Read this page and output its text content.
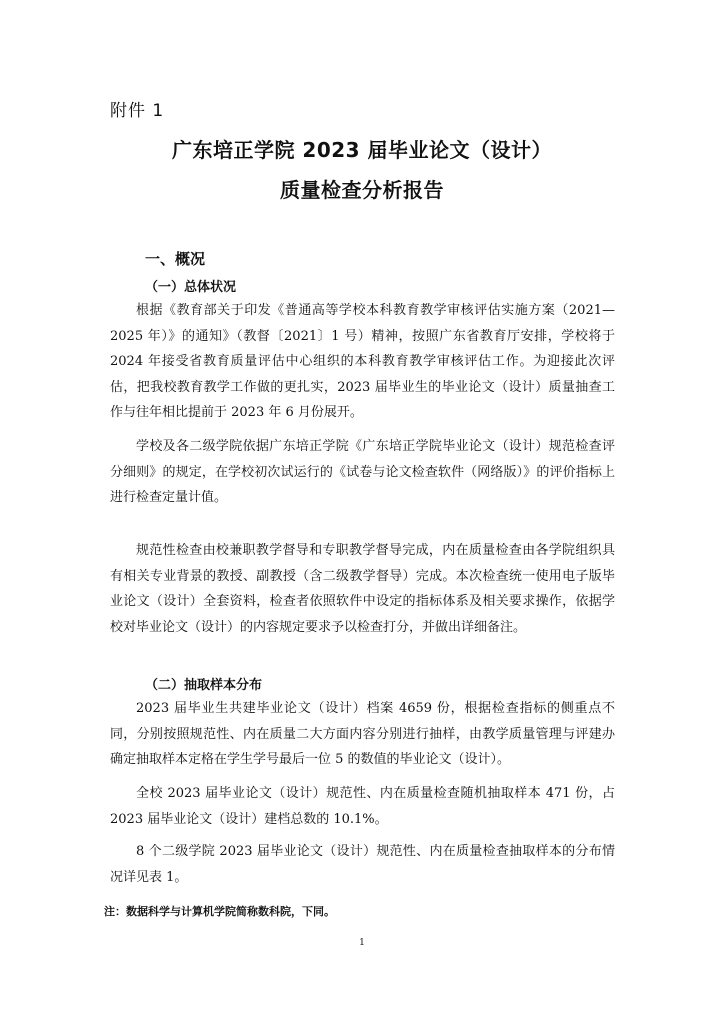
附件 1
广东培正学院 2023 届毕业论文（设计）
质量检查分析报告
一、概况
（一）总体状况

根据《教育部关于印发《普通高等学校本科教育教学审核评估实施方案（2021—2025 年）》的通知》（教督〔2021〕1 号）精神，按照广东省教育厅安排，学校将于 2024 年接受省教育质量评估中心组织的本科教育教学审核评估工作。为迎接此次评估，把我校教育教学工作做的更扎实，2023 届毕业生的毕业论文（设计）质量抽查工作与往年相比提前于 2023 年 6 月份展开。

学校及各二级学院依据广东培正学院《广东培正学院毕业论文（设计）规范检查评分细则》的规定，在学校初次试运行的《试卷与论文检查软件（网络版）》的评价指标上进行检查定量计值。

规范性检查由校兼职教学督导和专职教学督导完成，内在质量检查由各学院组织具有相关专业背景的教授、副教授（含二级教学督导）完成。本次检查统一使用电子版毕业论文（设计）全套资料，检查者依照软件中设定的指标体系及相关要求操作，依据学校对毕业论文（设计）的内容规定要求予以检查打分，并做出详细备注。

（二）抽取样本分布

2023 届毕业生共建毕业论文（设计）档案 4659 份，根据检查指标的侧重点不同，分别按照规范性、内在质量二大方面内容分别进行抽样，由教学质量管理与评建办确定抽取样本定格在学生学号最后一位 5 的数值的毕业论文（设计）。

全校 2023 届毕业论文（设计）规范性、内在质量检查随机抽取样本 471 份，占 2023 届毕业论文（设计）建档总数的 10.1%。

8 个二级学院 2023 届毕业论文（设计）规范性、内在质量检查抽取样本的分布情况详见表 1。

注：数据科学与计算机学院简称数科院，下同。
1
